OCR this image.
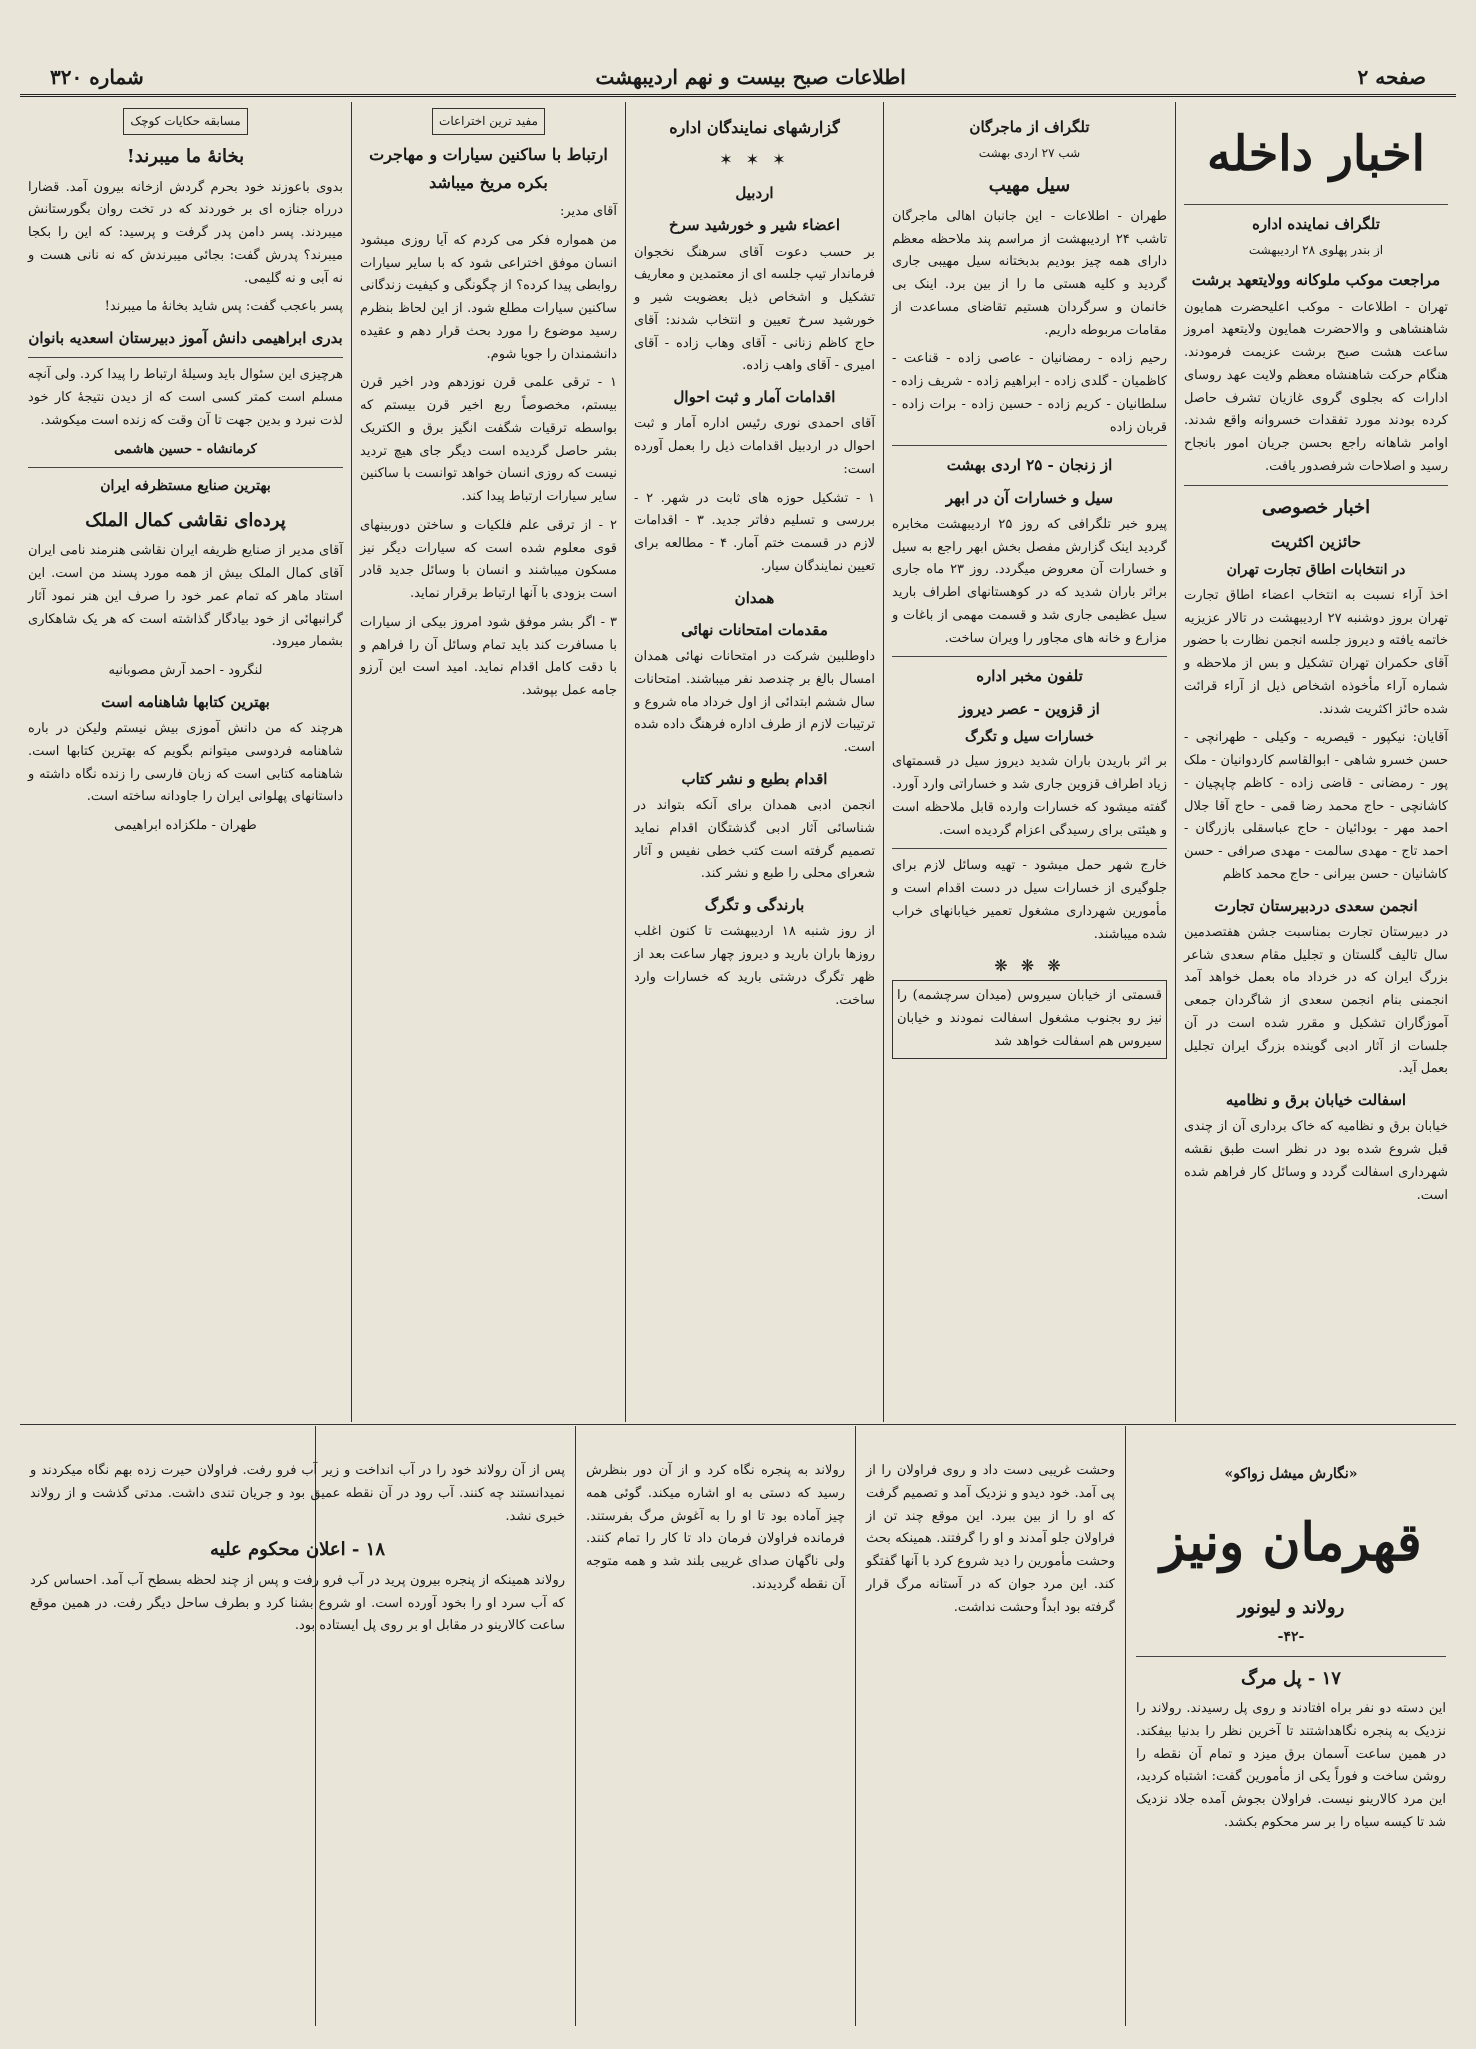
صفحه ۲
اطلاعات صبح بیست و نهم اردیبهشت
شماره ۳۲۰
اخبار داخله
تلگراف نماینده اداره
از بندر پهلوی ۲۸ اردیبهشت
مراجعت موکب ملوکانه وولایتعهد برشت

تهران - اطلاعات - موکب اعلیحضرت همایون شاهنشاهی و والاحضرت همایون ولایتعهد امروز ساعت هشت صبح برشت عزیمت فرمودند. هنگام حرکت شاهنشاه معظم ولایت عهد روسای ادارات که بجلوی گروی غازیان تشرف حاصل کرده بودند مورد تفقدات خسروانه واقع شدند. اوامر شاهانه راجع بحسن جریان امور بانجاح رسید و اصلاحات شرفصدور یافت.

اخبار خصوصی
حائزین اکثریت
در انتخابات اطاق تجارت تهران

اخذ آراء نسبت به انتخاب اعضاء اطاق تجارت تهران بروز دوشنبه ۲۷ اردیبهشت در تالار عزیزیه خاتمه یافته و دیروز جلسه انجمن نظارت با حضور آقای حکمران تهران تشکیل و بس از ملاحظه و شماره آراء مأخوذه اشخاص ذیل از آراء قرائت شده حائز اکثریت شدند.

آقایان: نیکپور - قیصریه - وکیلی - طهرانچی - حسن خسرو شاهی - ابوالقاسم کاردوانیان - ملک پور - رمضانی - قاضی زاده - کاظم چاپچیان - کاشانچی - حاج محمد رضا قمی - حاج آقا جلال احمد مهر - بودائیان - حاج عباسقلی بازرگان - احمد تاج - مهدی سالمت - مهدی صرافی - حسن کاشانیان - حسن بیرانی - حاج محمد کاظم

انجمن سعدی دردبیرستان تجارت

در دبیرستان تجارت بمناسبت جشن هفتصدمین سال تالیف گلستان و تجلیل مقام سعدی شاعر بزرگ ایران که در خرداد ماه بعمل خواهد آمد انجمنی بنام انجمن سعدی از شاگردان جمعی آموزگاران تشکیل و مقرر شده است در آن جلسات از آثار ادبی گوینده بزرگ ایران تجلیل بعمل آید.

اسفالت خیابان برق و نظامیه

خیابان برق و نظامیه که خاک برداری آن از چندی قبل شروع شده بود در نظر است طبق نقشه شهرداری اسفالت گردد و وسائل کار فراهم شده است.

تلگراف از ماجرگان
شب ۲۷ اردی بهشت
سیل مهیب

طهران - اطلاعات - این جانبان اهالی ماجرگان تاشب ۲۴ اردیبهشت از مراسم پند ملاحظه معظم دارای همه چیز بودیم بدبختانه سیل مهیبی جاری گردید و کلیه هستی ما را از بین برد. اینک بی خانمان و سرگردان هستیم تقاضای مساعدت از مقامات مربوطه داریم.

رحیم زاده - رمضانیان - عاصی زاده - قناعت - کاظمیان - گلدی زاده - ابراهیم زاده - شریف زاده - سلطانیان - کریم زاده - حسین زاده - برات زاده - قربان زاده

از زنجان - ۲۵ اردی بهشت
سیل و خسارات آن در ابهر

پیرو خبر تلگرافی که روز ۲۵ اردیبهشت مخابره گردید اینک گزارش مفصل بخش ابهر راجع به سیل و خسارات آن معروض میگردد. روز ۲۳ ماه جاری براثر باران شدید که در کوهستانهای اطراف بارید سیل عظیمی جاری شد و قسمت مهمی از باغات و مزارع و خانه های مجاور را ویران ساخت.

تلفون مخبر اداره
از قزوین - عصر دیروز
خسارات سیل و تگرگ

بر اثر باریدن باران شدید دیروز سیل در قسمتهای زیاد اطراف قزوین جاری شد و خساراتی وارد آورد. گفته میشود که خسارات وارده قابل ملاحظه است و هیئتی برای رسیدگی اعزام گردیده است.

خارج شهر حمل میشود - تهیه وسائل لازم برای جلوگیری از خسارات سیل در دست اقدام است و مأمورین شهرداری مشغول تعمیر خیابانهای خراب شده میباشند.

❋ ❋ ❋

قسمتی از خیابان سیروس (میدان سرچشمه) را نیز رو بجنوب مشغول اسفالت نمودند و خیابان سیروس هم اسفالت خواهد شد

گزارشهای نمایندگان اداره
✶ ✶ ✶
اردبیل
اعضاء شیر و خورشید سرخ

بر حسب دعوت آقای سرهنگ نخجوان فرماندار تیپ جلسه ای از معتمدین و معاریف تشکیل و اشخاص ذیل بعضویت شیر و خورشید سرخ تعیین و انتخاب شدند: آقای حاج کاظم زنانی - آقای وهاب زاده - آقای امیری - آقای واهب زاده.

اقدامات آمار و ثبت احوال

آقای احمدی نوری رئیس اداره آمار و ثبت احوال در اردبیل اقدامات ذیل را بعمل آورده است:

۱ - تشکیل حوزه های ثابت در شهر. ۲ - بررسی و تسلیم دفاتر جدید. ۳ - اقدامات لازم در قسمت ختم آمار. ۴ - مطالعه برای تعیین نمایندگان سیار.

همدان
مقدمات امتحانات نهائی

داوطلبین شرکت در امتحانات نهائی همدان امسال بالغ بر چندصد نفر میباشند. امتحانات سال ششم ابتدائی از اول خرداد ماه شروع و ترتیبات لازم از طرف اداره فرهنگ داده شده است.

اقدام بطبع و نشر کتاب

انجمن ادبی همدان برای آنکه بتواند در شناسائی آثار ادبی گذشتگان اقدام نماید تصمیم گرفته است کتب خطی نفیس و آثار شعرای محلی را طبع و نشر کند.

بارندگی و تگرگ

از روز شنبه ۱۸ اردیبهشت تا کنون اغلب روزها باران بارید و دیروز چهار ساعت بعد از ظهر تگرگ درشتی بارید که خسارات وارد ساخت.

مفید ترین اختراعات
ارتباط با ساکنین سیارات و مهاجرت بکره مریخ میباشد

آقای مدیر:

من همواره فکر می کردم که آیا روزی میشود انسان موفق اختراعی شود که با سایر سیارات روابطی پیدا کرده؟ از چگونگی و کیفیت زندگانی ساکنین سیارات مطلع شود. از این لحاظ بنظرم رسید موضوع را مورد بحث قرار دهم و عقیده دانشمندان را جویا شوم.

۱ - ترقی علمی قرن نوزدهم ودر اخیر قرن بیستم، مخصوصاً ربع اخیر قرن بیستم که بواسطه ترقیات شگفت انگیز برق و الکتریک بشر حاصل گردیده است دیگر جای هیچ تردید نیست که روزی انسان خواهد توانست با ساکنین سایر سیارات ارتباط پیدا کند.

۲ - از ترقی علم فلکیات و ساختن دوربینهای قوی معلوم شده است که سیارات دیگر نیز مسکون میباشند و انسان با وسائل جدید قادر است بزودی با آنها ارتباط برقرار نماید.

۳ - اگر بشر موفق شود امروز بیکی از سیارات با مسافرت کند باید تمام وسائل آن را فراهم و با دقت کامل اقدام نماید. امید است این آرزو جامه عمل بپوشد.

مسابقه حکایات کوچک
بخانهٔ ما میبرند!

بدوی باعوزند خود بحرم گردش ازخانه بیرون آمد. قضارا درراه جنازه ای بر خوردند که در تخت روان بگورستانش میبردند. پسر دامن پدر گرفت و پرسید: که این را بکجا میبرند؟ پدرش گفت: بجائی میبرندش که نه نانی هست و نه آبی و نه گلیمی.

پسر باعجب گفت: پس شاید بخانهٔ ما میبرند!

بدری ابراهیمی دانش آموز دبیرستان اسعدیه بانوان

هرچیزی این سئوال باید وسیلهٔ ارتباط را پیدا کرد. ولی آنچه مسلم است کمتر کسی است که از دیدن نتیجهٔ کار خود لذت نبرد و بدین جهت تا آن وقت که زنده است میکوشد.

کرمانشاه - حسین هاشمی

بهترین صنایع مستظرفه ایران
پرده‌ای نقاشی کمال الملک

آقای مدیر از صنایع ظریفه ایران نقاشی هنرمند نامی ایران آقای کمال الملک بیش از همه مورد پسند من است. این استاد ماهر که تمام عمر خود را صرف این هنر نمود آثار گرانبهائی از خود بیادگار گذاشته است که هر یک شاهکاری بشمار میرود.

لنگرود - احمد آرش مصوبانیه

بهترین کتابها شاهنامه است

هرچند که من دانش آموزی بیش نیستم ولیکن در باره شاهنامه فردوسی میتوانم بگویم که بهترین کتابها است. شاهنامه کتابی است که زبان فارسی را زنده نگاه داشته و داستانهای پهلوانی ایران را جاودانه ساخته است.

طهران - ملکزاده ابراهیمی

«نگارش میشل زواکو»
قهرمان ونیز
رولاند و لیونور
-۴۲-
۱۷ - پل مرگ

این دسته دو نفر براه افتادند و روی پل رسیدند. رولاند را نزدیک به پنجره نگاهداشتند تا آخرین نظر را بدنیا بیفکند. در همین ساعت آسمان برق میزد و تمام آن نقطه را روشن ساخت و فوراً یکی از مأمورین گفت: اشتباه کردید، این مرد کالارینو نیست. فراولان بجوش آمده جلاد نزدیک شد تا کیسه سیاه را بر سر محکوم بکشد.

وحشت غریبی دست داد و روی فراولان را از پی آمد. خود دیدو و نزدیک آمد و تصمیم گرفت که او را از بین ببرد. این موقع چند تن از فراولان جلو آمدند و او را گرفتند. همینکه بحث وحشت مأمورین را دید شروع کرد با آنها گفتگو کند. این مرد جوان که در آستانه مرگ قرار گرفته بود ابداً وحشت نداشت.

رولاند به پنجره نگاه کرد و از آن دور بنظرش رسید که دستی به او اشاره میکند. گوئی همه چیز آماده بود تا او را به آغوش مرگ بفرستند. فرمانده فراولان فرمان داد تا کار را تمام کنند. ولی ناگهان صدای غریبی بلند شد و همه متوجه آن نقطه گردیدند.

پس از آن رولاند خود را در آب انداخت و زیر آب فرو رفت. فراولان حیرت زده بهم نگاه میکردند و نمیدانستند چه کنند. آب رود در آن نقطه عمیق بود و جریان تندی داشت. مدتی گذشت و از رولاند خبری نشد.

۱۸ - اعلان محکوم علیه

رولاند همینکه از پنجره بیرون پرید در آب فرو رفت و پس از چند لحظه بسطح آب آمد. احساس کرد که آب سرد او را بخود آورده است. او شروع بشنا کرد و بطرف ساحل دیگر رفت. در همین موقع ساعت کالارینو در مقابل او بر روی پل ایستاده بود.
